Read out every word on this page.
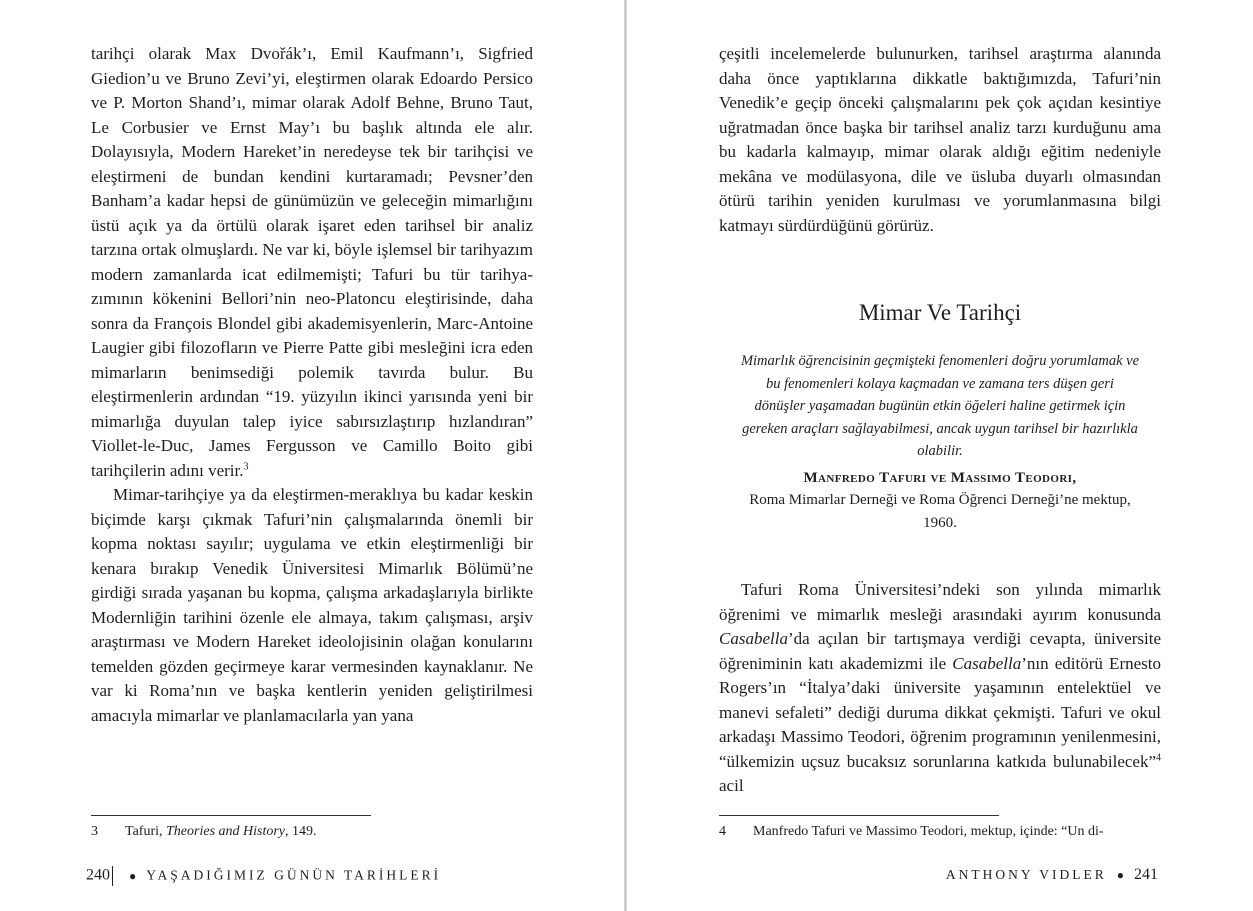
tarihçi olarak Max Dvořák’ı, Emil Kaufmann’ı, Sigfried Giedion’u ve Bruno Zevi’yi, eleştirmen olarak Edoardo Persico ve P. Morton Shand’ı, mimar olarak Adolf Behne, Bruno Taut, Le Corbusier ve Ernst May’ı bu başlık altında ele alır. Dolayısıyla, Modern Hareket’in neredeyse tek bir tarihçisi ve eleştirmeni de bundan kendini kurtaramadı; Pevsner’den Banham’a kadar hepsi de günümüzün ve geleceğin mimarlığını üstü açık ya da örtülü olarak işaret eden tarihsel bir analiz tarzına ortak olmuşlardı. Ne var ki, böyle işlemsel bir tarihyazım modern zamanlarda icat edilmemişti; Tafuri bu tür tarihyazımının kökenini Bellori’nin neo-Platoncu eleştirisinde, daha sonra da François Blondel gibi akademisyenlerin, Marc-Antoine Laugier gibi filozofların ve Pierre Patte gibi mesleğini icra eden mimarların benimsediği polemik tavırda bulur. Bu eleştirmenlerin ardından “19. yüzyılın ikinci yarısında yeni bir mimarlığa duyulan talep iyice sabırsızlaştırıp hızlandıran” Viollet-le-Duc, James Fergusson ve Camillo Boito gibi tarihçilerin adını verir.$^3$

Mimar-tarihçiye ya da eleştirmen-meraklıya bu kadar keskin biçimde karşı çıkmak Tafuri’nin çalışmalarında önemli bir kopma noktası sayılır; uygulama ve etkin eleştirmenliği bir kenara bırakıp Venedik Üniversitesi Mimarlık Bölümü’ne girdiği sırada yaşanan bu kopma, çalışma arkadaşlarıyla birlikte Modernliğin tarihini özenle ele almaya, takım çalışması, arşiv araştırması ve Modern Hareket ideolojisinin olağan konularını temelden gözden geçirmeye karar vermesinden kaynaklanır. Ne var ki Roma’nın ve başka kentlerin yeniden geliştirilmesi amacıyla mimarlar ve planlamacılarla yan yana

3 Tafuri, Theories and History, 149.
240 ● YAŞADIĞIMIZ GÜNÜN TARİHLERİ

çeşitli incelemelerde bulunurken, tarihsel araştırma alanında daha önce yaptıklarına dikkatle baktığımızda, Tafuri’nin Venedik’e geçip önceki çalışmalarını pek çok açıdan kesintiye uğratmadan önce başka bir tarihsel analiz tarzı kurduğunu ama bu kadarla kalmayıp, mimar olarak aldığı eğitim nedeniyle mekâna ve modülasyona, dile ve üsluba duyarlı olmasından ötürü tarihin yeniden kurulması ve yorumlanmasına bilgi katmayı sürdürdüğünü görürüz.

Mimar Ve Tarihçi

Mimarlık öğrencisinin geçmişteki fenomenleri doğru yorumlamak ve bu fenomenleri kolaya kaçmadan ve zamana ters düşen geri dönüşler yaşamadan bugünün etkin öğeleri haline getirmek için gereken araçları sağlayabilmesi, ancak uygun tarihsel bir hazırlıkla olabilir.

Manfredo Tafuri ve Massimo Teodori,

Roma Mimarlar Derneği ve Roma Öğrenci Derneği’ne mektup, 1960.

Tafuri Roma Üniversitesi’ndeki son yılında mimarlık öğrenimi ve mimarlık mesleği arasındaki ayırım konusunda Casabella’da açılan bir tartışmaya verdiği cevapta, üniversite öğreniminin katı akademizmi ile Casabella’nın editörü Ernesto Rogers’ın “İtalya’daki üniversite yaşamının entelektüel ve manevi sefaleti” dediği duruma dikkat çekmişti. Tafuri ve okul arkadaşı Massimo Teodori, öğrenim programının yenilenmesini, “ülkemizin uçsuz bucaksız sorunlarına katkıda bulunabilecek”$^4$ acil

4 Manfredo Tafuri ve Massimo Teodori, mektup, içinde: “Un di-
ANTHONY VIDLER ● 241
